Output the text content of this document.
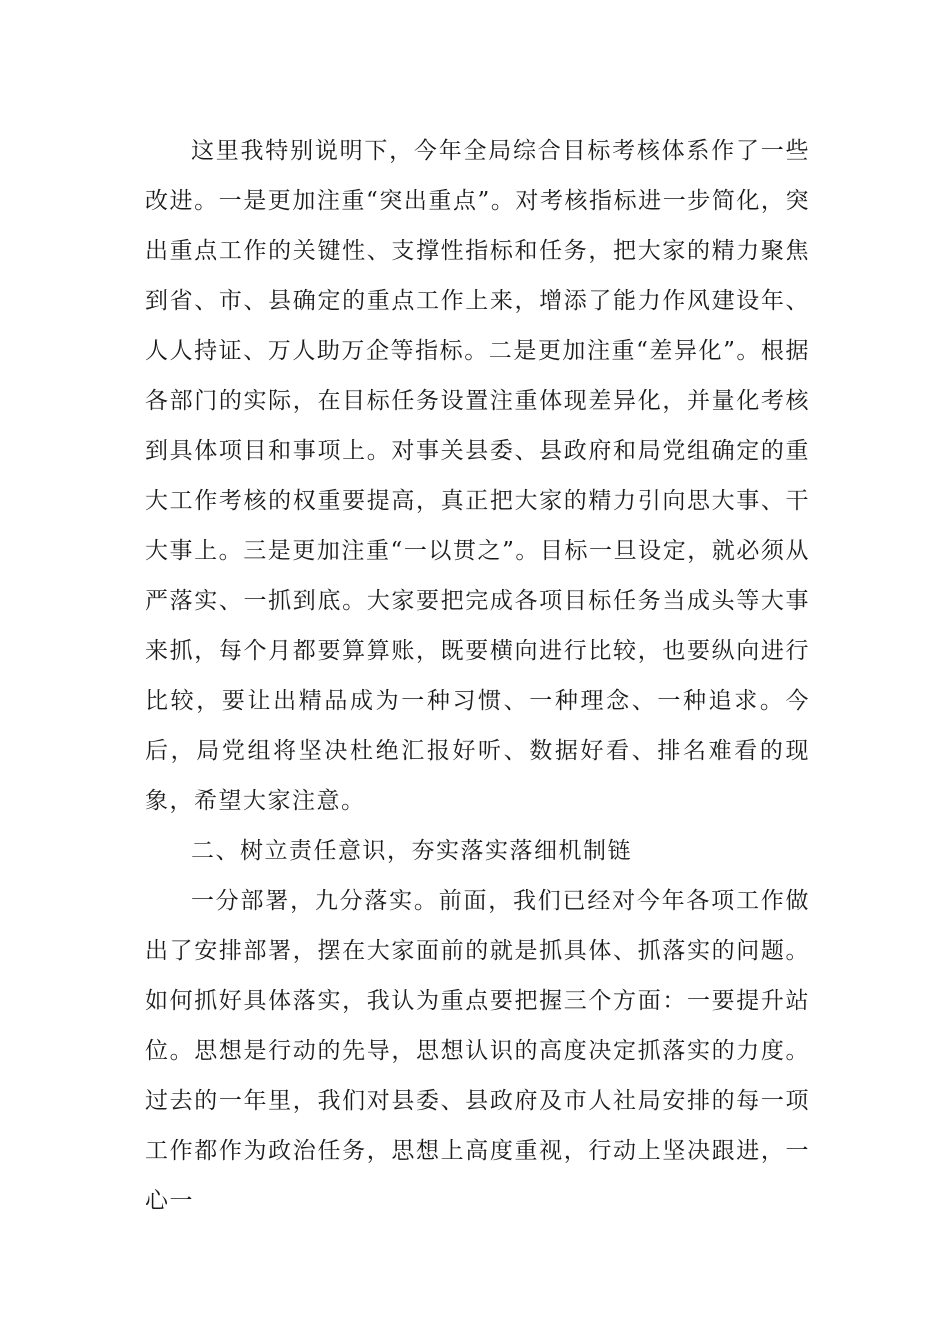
这里我特别说明下，今年全局综合目标考核体系作了一些改进。一是更加注重“突出重点”。对考核指标进一步简化，突出重点工作的关键性、支撑性指标和任务，把大家的精力聚焦到省、市、县确定的重点工作上来，增添了能力作风建设年、人人持证、万人助万企等指标。二是更加注重“差异化”。根据各部门的实际，在目标任务设置注重体现差异化，并量化考核到具体项目和事项上。对事关县委、县政府和局党组确定的重大工作考核的权重要提高，真正把大家的精力引向思大事、干大事上。三是更加注重“一以贯之”。目标一旦设定，就必须从严落实、一抓到底。大家要把完成各项目标任务当成头等大事来抓，每个月都要算算账，既要横向进行比较，也要纵向进行比较，要让出精品成为一种习惯、一种理念、一种追求。今后，局党组将坚决杜绝汇报好听、数据好看、排名难看的现象，希望大家注意。

二、树立责任意识，夯实落实落细机制链

一分部署，九分落实。前面，我们已经对今年各项工作做出了安排部署，摆在大家面前的就是抓具体、抓落实的问题。如何抓好具体落实，我认为重点要把握三个方面：一要提升站位。思想是行动的先导，思想认识的高度决定抓落实的力度。过去的一年里，我们对县委、县政府及市人社局安排的每一项工作都作为政治任务，思想上高度重视，行动上坚决跟进，一心一
